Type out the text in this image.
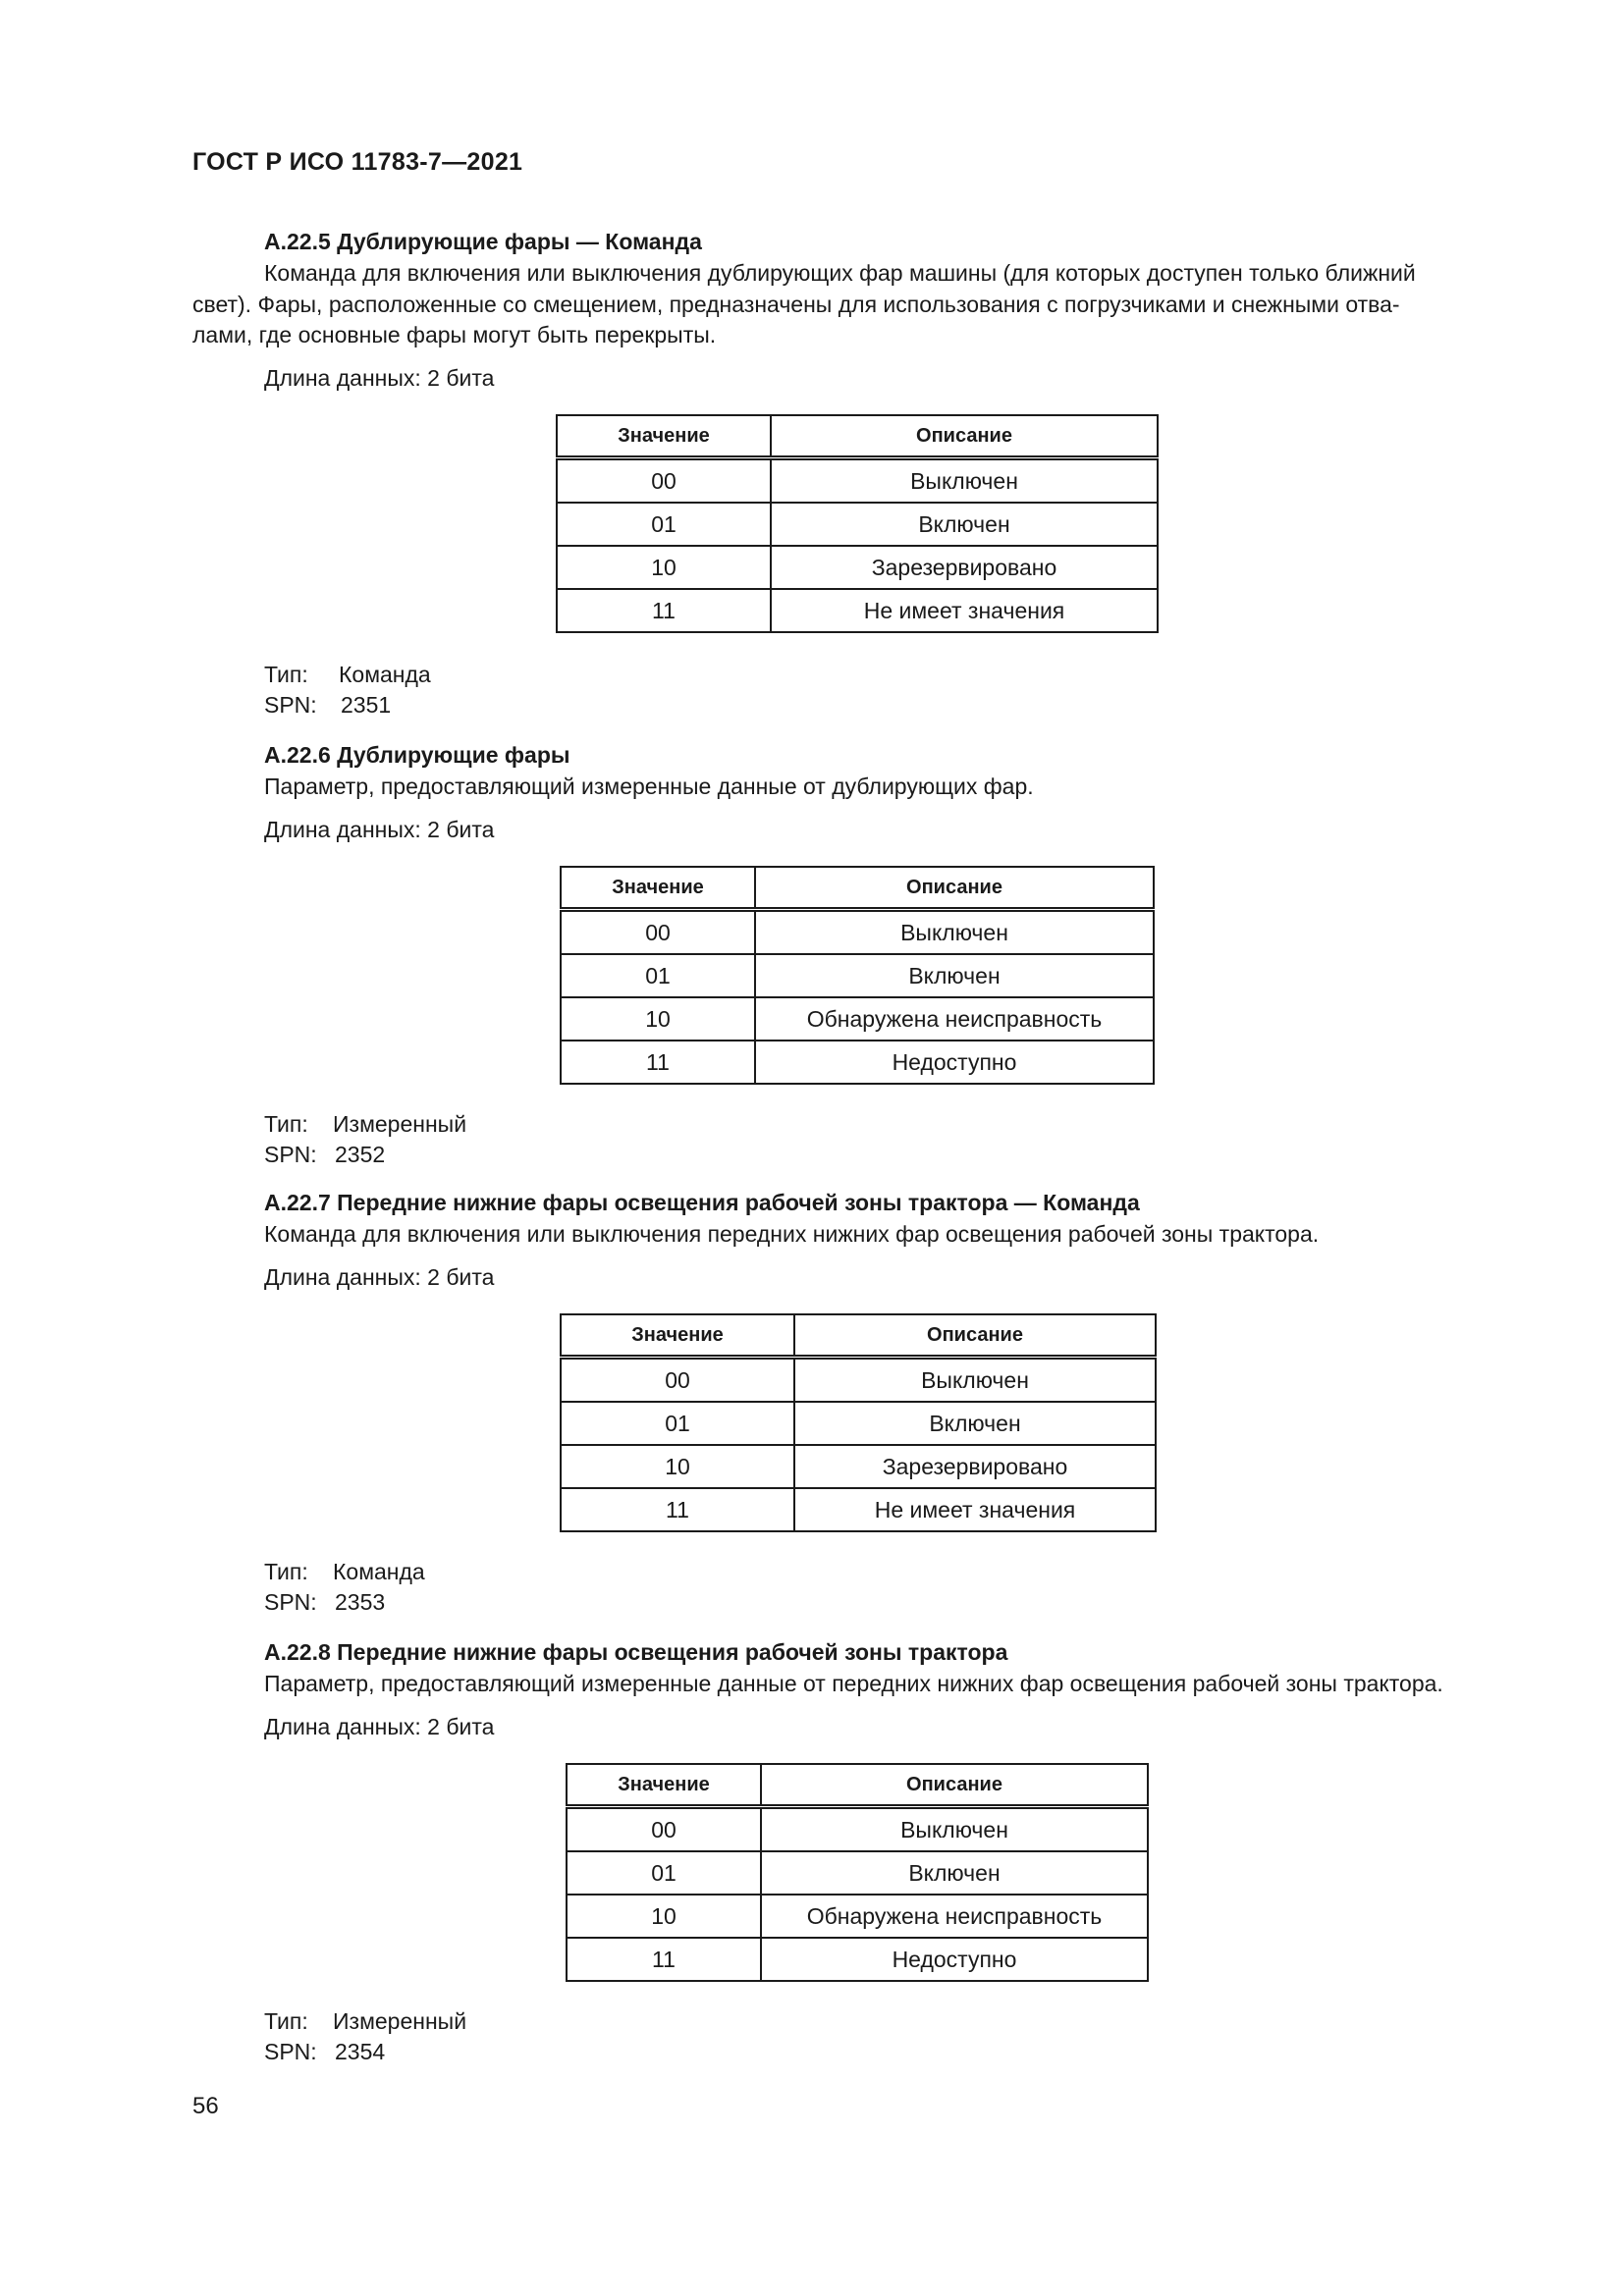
ГОСТ Р ИСО 11783-7—2021
А.22.5 Дублирующие фары — Команда
Команда для включения или выключения дублирующих фар машины (для которых доступен только ближний
свет). Фары, расположенные со смещением, предназначены для использования с погрузчиками и снежными отва-
лами, где основные фары могут быть перекрыты.
Длина данных: 2 бита
Значение	Описание
00	Выключен
01	Включен
10	Зарезервировано
11	Не имеет значения
Тип: Команда
SPN: 2351
А.22.6 Дублирующие фары
Параметр, предоставляющий измеренные данные от дублирующих фар.
Длина данных: 2 бита
Значение	Описание
00	Выключен
01	Включен
10	Обнаружена неисправность
11	Недоступно
Тип: Измеренный
SPN: 2352
А.22.7 Передние нижние фары освещения рабочей зоны трактора — Команда
Команда для включения или выключения передних нижних фар освещения рабочей зоны трактора.
Длина данных: 2 бита
Значение	Описание
00	Выключен
01	Включен
10	Зарезервировано
11	Не имеет значения
Тип: Команда
SPN: 2353
А.22.8 Передние нижние фары освещения рабочей зоны трактора
Параметр, предоставляющий измеренные данные от передних нижних фар освещения рабочей зоны трактора.
Длина данных: 2 бита
Значение	Описание
00	Выключен
01	Включен
10	Обнаружена неисправность
11	Недоступно
Тип: Измеренный
SPN: 2354
56
